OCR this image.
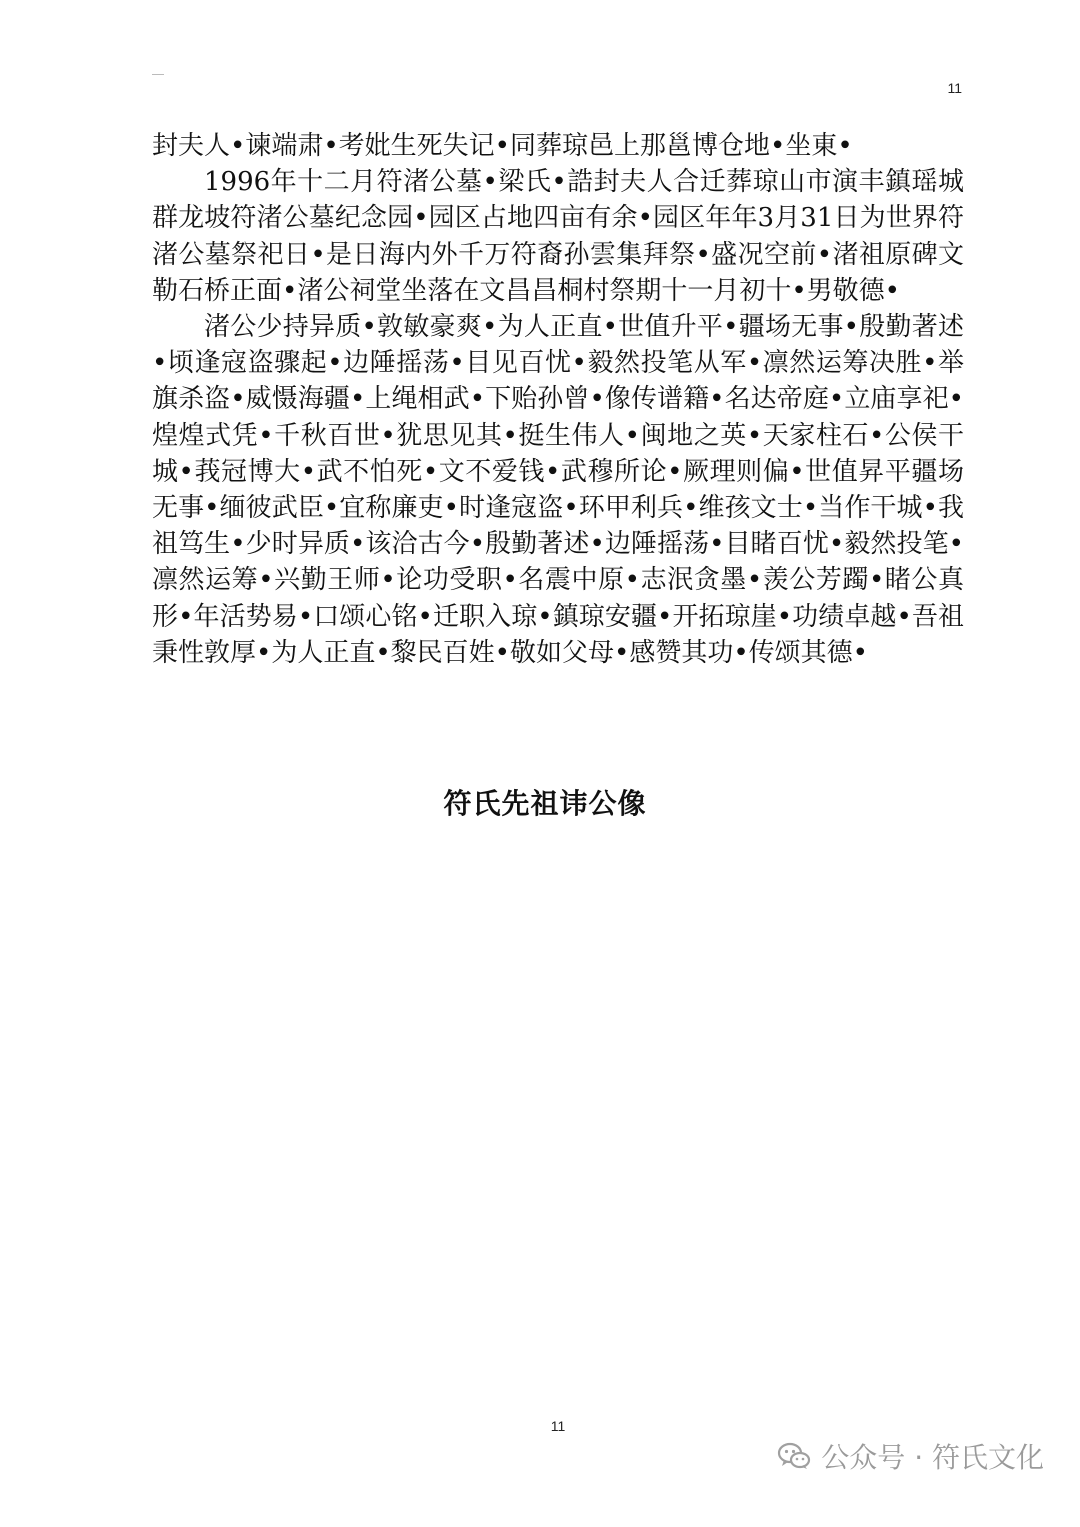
11

封夫人•谏端肃•考妣生死失记•同葬琼邑上那邕博仓地•坐東•

1996年十二月符渚公墓•梁氏•誥封夫人合迁葬琼山市演丰鎮瑶城群龙坡符渚公墓纪念园•园区占地四亩有余•园区年年3月31日为世界符渚公墓祭祀日•是日海内外千万符裔孙雲集拜祭•盛况空前•渚祖原碑文勒石桥正面•渚公祠堂坐落在文昌昌桐村祭期十一月初十•男敬德•

渚公少持异质•敦敏豪爽•为人正直•世值升平•疆场无事•殷勤著述•顷逢寇盗骤起•边陲摇荡•目见百忧•毅然投笔从军•凛然运筹决胜•举旗杀盗•威慑海疆•上绳相武•下贻孙曾•像传谱籍•名达帝庭•立庙享祀•煌煌式凭•千秋百世•犹思见其•挺生伟人•闽地之英•天家柱石•公侯干城•莪冠博大•武不怕死•文不爱钱•武穆所论•厥理则偏•世值昇平疆场无事•缅彼武臣•宜称廉吏•时逢寇盗•环甲利兵•维孩文士•当作干城•我祖笃生•少时异质•该洽古今•殷勤著述•边陲摇荡•目睹百忧•毅然投笔•凛然运筹•兴勤王师•论功受职•名震中原•志泯贪墨•羡公芳躅•睹公真形•年活势易•口颂心铭•迁职入琼•鎮琼安疆•开拓琼崖•功绩卓越•吾祖秉性敦厚•为人正直•黎民百姓•敬如父母•感赞其功•传颂其德•

符氏先祖讳公像
11
公众号 · 符氏文化
